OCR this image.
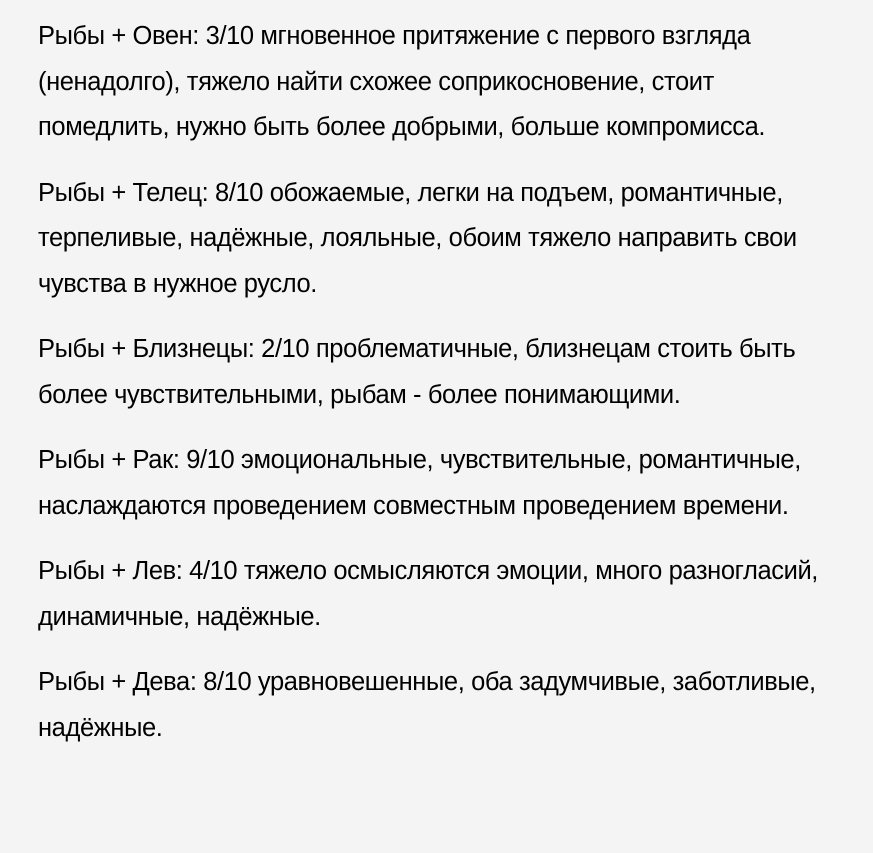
Рыбы + Овен: 3/10 мгновенное притяжение с первого взгляда (ненадолго), тяжело найти схожее соприкосновение, стоит помедлить, нужно быть более добрыми, больше компромисса.

Рыбы + Телец: 8/10 обожаемые, легки на подъем, романтичные, терпеливые, надёжные, лояльные, обоим тяжело направить свои чувства в нужное русло.

Рыбы + Близнецы: 2/10 проблематичные, близнецам стоить быть более чувствительными, рыбам - более понимающими.

Рыбы + Рак: 9/10 эмоциональные, чувствительные, романтичные, наслаждаются проведением совместным проведением времени.

Рыбы + Лев: 4/10 тяжело осмысляются эмоции, много разногласий, динамичные, надёжные.

Рыбы + Дева: 8/10 уравновешенные, оба задумчивые, заботливые, надёжные.
